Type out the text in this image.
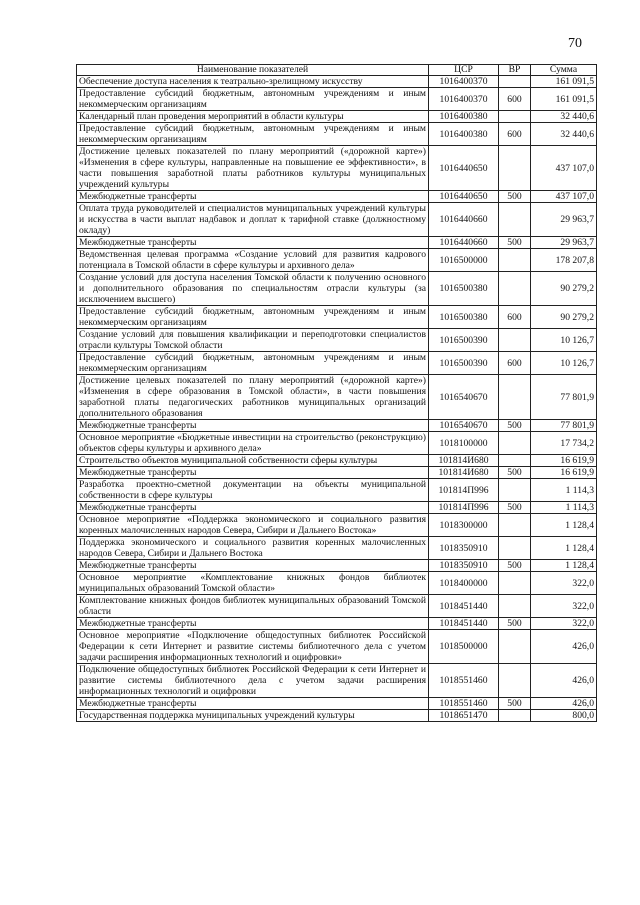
70
Наименование показателей	ЦСР	ВР	Сумма
Обеспечение доступа населения к театрально-зрелищному искусству	1016400370		161 091,5
Предоставление субсидий бюджетным, автономным учреждениям и иным некоммерческим организациям	1016400370	600	161 091,5
Календарный план проведения мероприятий в области культуры	1016400380		32 440,6
Предоставление субсидий бюджетным, автономным учреждениям и иным некоммерческим организациям	1016400380	600	32 440,6
Достижение целевых показателей по плану мероприятий («дорожной карте») «Изменения в сфере культуры, направленные на повышение ее эффективности», в части повышения заработной платы работников культуры муниципальных учреждений культуры	1016440650		437 107,0
Межбюджетные трансферты	1016440650	500	437 107,0
Оплата труда руководителей и специалистов муниципальных учреждений культуры и искусства в части выплат надбавок и доплат к тарифной ставке (должностному окладу)	1016440660		29 963,7
Межбюджетные трансферты	1016440660	500	29 963,7
Ведомственная целевая программа «Создание условий для развития кадрового потенциала в Томской области в сфере культуры и архивного дела»	1016500000		178 207,8
Создание условий для доступа населения Томской области к получению основного и дополнительного образования по специальностям отрасли культуры (за исключением высшего)	1016500380		90 279,2
Предоставление субсидий бюджетным, автономным учреждениям и иным некоммерческим организациям	1016500380	600	90 279,2
Создание условий для повышения квалификации и переподготовки специалистов отрасли культуры Томской области	1016500390		10 126,7
Предоставление субсидий бюджетным, автономным учреждениям и иным некоммерческим организациям	1016500390	600	10 126,7
Достижение целевых показателей по плану мероприятий («дорожной карте») «Изменения в сфере образования в Томской области», в части повышения заработной платы педагогических работников муниципальных организаций дополнительного образования	1016540670		77 801,9
Межбюджетные трансферты	1016540670	500	77 801,9
Основное мероприятие «Бюджетные инвестиции на строительство (реконструкцию) объектов сферы культуры и архивного дела»	1018100000		17 734,2
Строительство объектов муниципальной собственности сферы культуры	101814И680		16 619,9
Межбюджетные трансферты	101814И680	500	16 619,9
Разработка проектно-сметной документации на объекты муниципальной собственности в сфере культуры	101814П996		1 114,3
Межбюджетные трансферты	101814П996	500	1 114,3
Основное мероприятие «Поддержка экономического и социального развития коренных малочисленных народов Севера, Сибири и Дальнего Востока»	1018300000		1 128,4
Поддержка экономического и социального развития коренных малочисленных народов Севера, Сибири и Дальнего Востока	1018350910		1 128,4
Межбюджетные трансферты	1018350910	500	1 128,4
Основное мероприятие «Комплектование книжных фондов библиотек муниципальных образований Томской области»	1018400000		322,0
Комплектование книжных фондов библиотек муниципальных образований Томской области	1018451440		322,0
Межбюджетные трансферты	1018451440	500	322,0
Основное мероприятие «Подключение общедоступных библиотек Российской Федерации к сети Интернет и развитие системы библиотечного дела с учетом задачи расширения информационных технологий и оцифровки»	1018500000		426,0
Подключение общедоступных библиотек Российской Федерации к сети Интернет и развитие системы библиотечного дела с учетом задачи расширения информационных технологий и оцифровки	1018551460		426,0
Межбюджетные трансферты	1018551460	500	426,0
Государственная поддержка муниципальных учреждений культуры	1018651470		800,0
